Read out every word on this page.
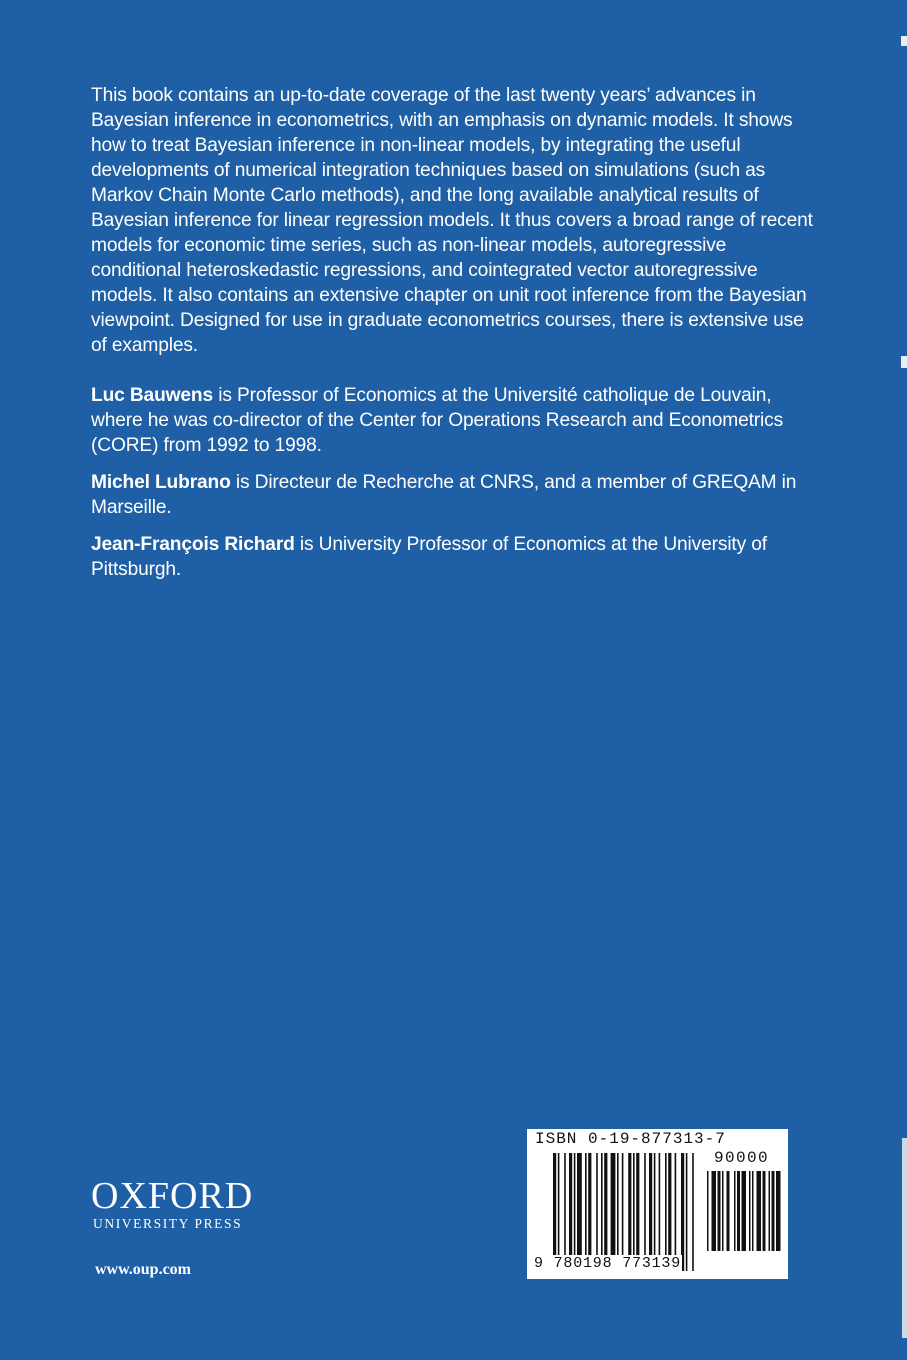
This book contains an up-to-date coverage of the last twenty years’ advances in Bayesian inference in econometrics, with an emphasis on dynamic models. It shows how to treat Bayesian inference in non-linear models, by integrating the useful developments of numerical integration techniques based on simulations (such as Markov Chain Monte Carlo methods), and the long available analytical results of Bayesian inference for linear regression models. It thus covers a broad range of recent models for economic time series, such as non-linear models, autoregressive conditional heteroskedastic regressions, and cointegrated vector autoregressive models. It also contains an extensive chapter on unit root inference from the Bayesian viewpoint. Designed for use in graduate econometrics courses, there is extensive use of examples.

Luc Bauwens is Professor of Economics at the Université catholique de Louvain, where he was co-director of the Center for Operations Research and Econometrics (CORE) from 1992 to 1998.

Michel Lubrano is Directeur de Recherche at CNRS, and a member of GREQAM in Marseille.

Jean-François Richard is University Professor of Economics at the University of Pittsburgh.

OXFORD
UNIVERSITY PRESS
www.oup.com
ISBN 0-19-877313-7
90000
9 780198 773139
